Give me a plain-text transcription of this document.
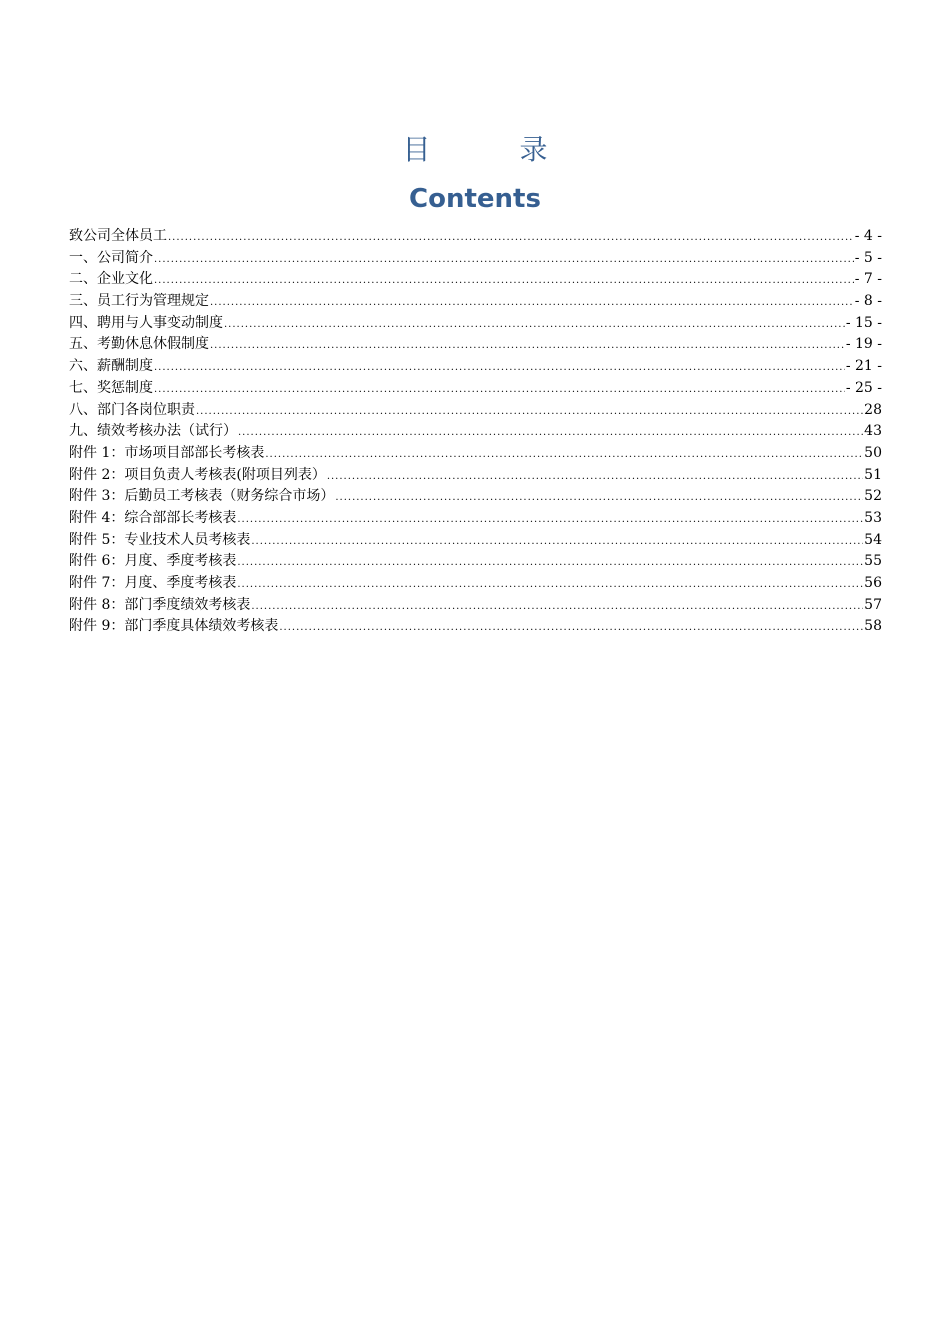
目 录
Contents
致公司全体员工 .....	- 4 -
一、公司简介 .....	- 5 -
二、企业文化 .....	- 7 -
三、员工行为管理规定 .....	- 8 -
四、聘用与人事变动制度 .....	- 15 -
五、考勤休息休假制度 .....	- 19 -
六、薪酬制度 .....	- 21 -
七、奖惩制度 .....	- 25 -
八、部门各岗位职责 .....	28
九、绩效考核办法（试行） .....	43
附件 1：市场项目部部长考核表 .....	50
附件 2：项目负责人考核表(附项目列表） .....	51
附件 3：后勤员工考核表（财务综合市场） .....	52
附件 4：综合部部长考核表 .....	53
附件 5：专业技术人员考核表 .....	54
附件 6：月度、季度考核表 .....	55
附件 7：月度、季度考核表 .....	56
附件 8：部门季度绩效考核表 .....	57
附件 9：部门季度具体绩效考核表 .....	58
